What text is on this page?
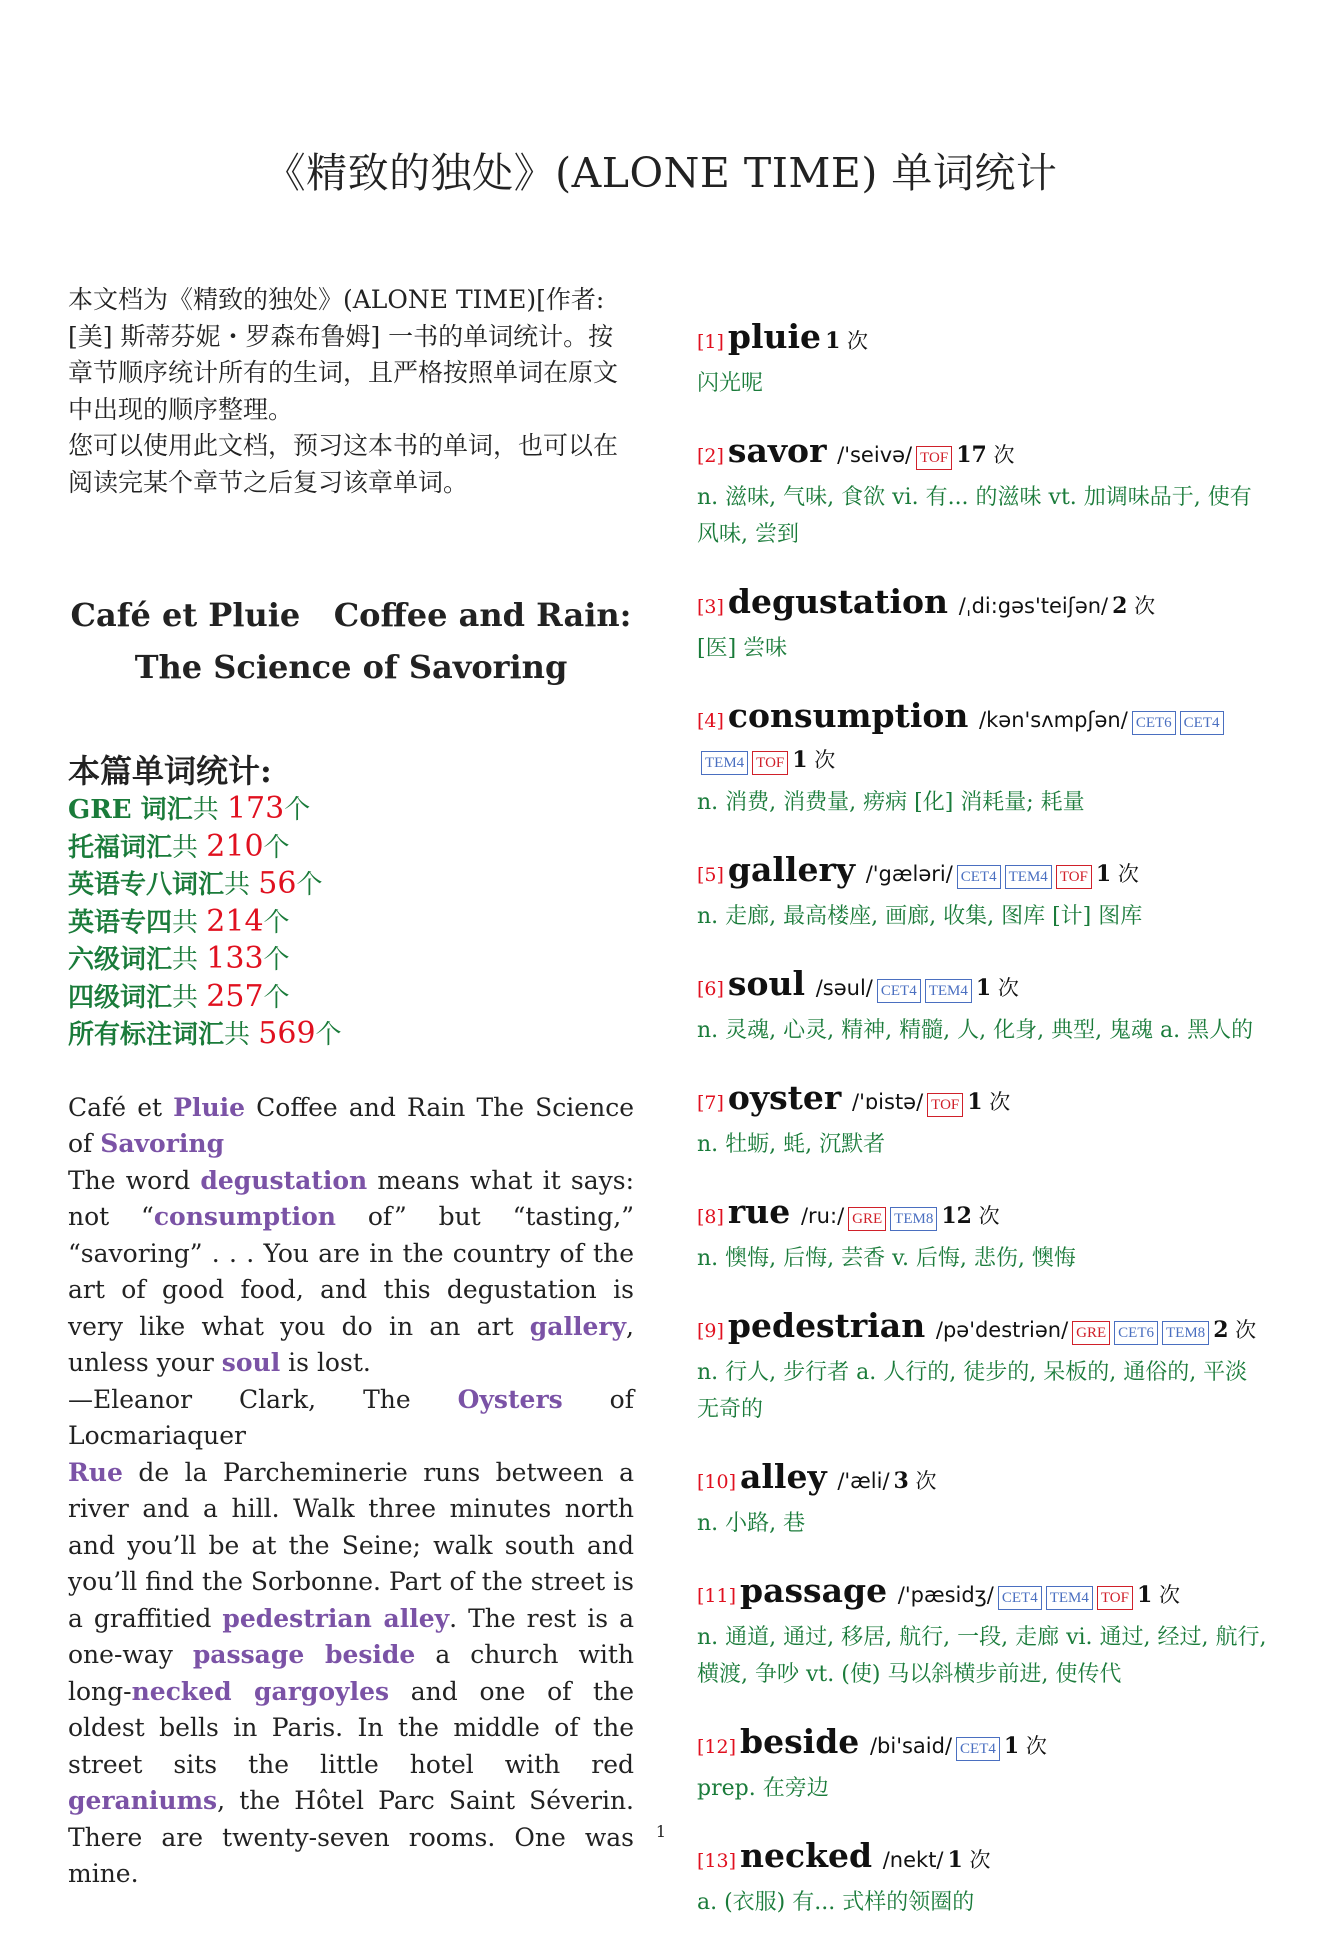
《精致的独处》(ALONE TIME) 单词统计

本文档为《精致的独处》(ALONE TIME)[作者: [美] 斯蒂芬妮・罗森布鲁姆] 一书的单词统计。按章节顺序统计所有的生词，且严格按照单词在原文中出现的顺序整理。

您可以使用此文档，预习这本书的单词，也可以在阅读完某个章节之后复习该章单词。

Café et Pluie   Coffee and Rain:
The Science of Savoring
本篇单词统计:
GRE 词汇共 173个
托福词汇共 210个
英语专八词汇共 56个
英语专四共 214个
六级词汇共 133个
四级词汇共 257个
所有标注词汇共 569个
Café et Pluie Coffee and Rain The Science of Savoring
The word degustation means what it says: not “consumption of” but “tasting,” “savoring” . . . You are in the country of the art of good food, and this degustation is very like what you do in an art gallery, unless your soul is lost.
—Eleanor Clark, The Oysters of Locmariaquer
Rue de la Parcheminerie runs between a river and a hill. Walk three minutes north and you’ll be at the Seine; walk south and you’ll find the Sorbonne. Part of the street is a graffitied pedestrian alley. The rest is a one-way passage beside a church with long-necked gargoyles and one of the oldest bells in Paris. In the middle of the street sits the little hotel with red geraniums, the Hôtel Parc Saint Séverin. There are twenty-seven rooms. One was mine.
[1] pluie 1 次
闪光呢
[2] savor /'seivə/ TOF 17 次
n. 滋味, 气味, 食欲 vi. 有... 的滋味 vt. 加调味品于, 使有风味, 尝到
[3] degustation /ˌdi:gəs'teiʃən/ 2 次
[医] 尝味
[4] consumption /kən'sʌmpʃən/ CET6 CET4TEM4 TOF 1 次
n. 消费, 消费量, 痨病 [化] 消耗量; 耗量
[5] gallery /'gæləri/ CET4 TEM4 TOF 1 次
n. 走廊, 最高楼座, 画廊, 收集, 图库 [计] 图库
[6] soul /səul/ CET4 TEM4 1 次
n. 灵魂, 心灵, 精神, 精髓, 人, 化身, 典型, 鬼魂 a. 黑人的
[7] oyster /'ɒistə/ TOF 1 次
n. 牡蛎, 蚝, 沉默者
[8] rue /ru:/ GRE TEM8 12 次
n. 懊悔, 后悔, 芸香 v. 后悔, 悲伤, 懊悔
[9] pedestrian /pə'destriən/ GRE CET6 TEM8 2 次
n. 行人, 步行者 a. 人行的, 徒步的, 呆板的, 通俗的, 平淡无奇的
[10] alley /'æli/ 3 次
n. 小路, 巷
[11] passage /'pæsidʒ/ CET4 TEM4 TOF 1 次
n. 通道, 通过, 移居, 航行, 一段, 走廊 vi. 通过, 经过, 航行, 横渡, 争吵 vt. (使) 马以斜横步前进, 使传代
[12] beside /bi'said/ CET4 1 次
prep. 在旁边
[13] necked /nekt/ 1 次
a. (衣服) 有... 式样的领圈的
1
